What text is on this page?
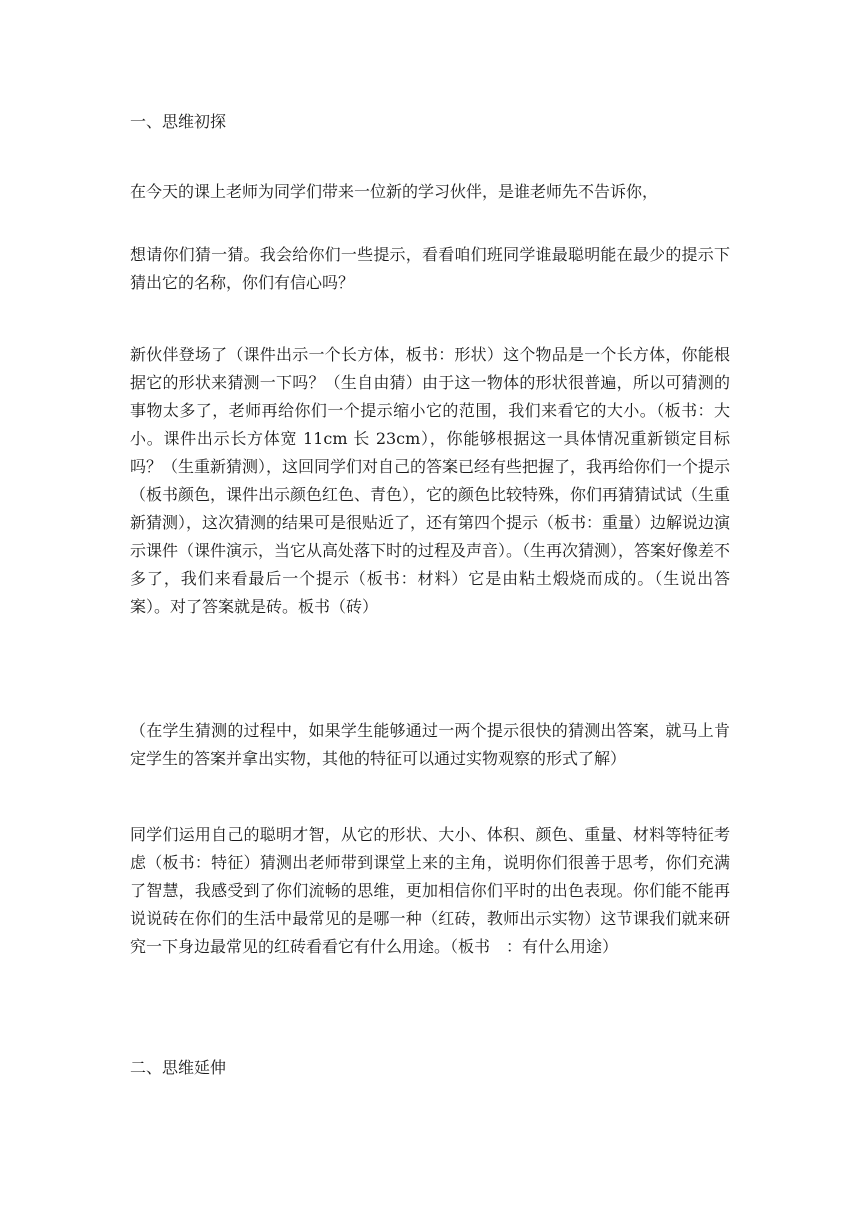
一、思维初探

在今天的课上老师为同学们带来一位新的学习伙伴，是谁老师先不告诉你，

想请你们猜一猜。我会给你们一些提示，看看咱们班同学谁最聪明能在最少的提示下猜出它的名称，你们有信心吗？

新伙伴登场了（课件出示一个长方体，板书：形状）这个物品是一个长方体，你能根据它的形状来猜测一下吗？（生自由猜）由于这一物体的形状很普遍，所以可猜测的事物太多了，老师再给你们一个提示缩小它的范围，我们来看它的大小。（板书：大小。课件出示长方体宽 11cm 长 23cm），你能够根据这一具体情况重新锁定目标吗？（生重新猜测），这回同学们对自己的答案已经有些把握了，我再给你们一个提示（板书颜色，课件出示颜色红色、青色），它的颜色比较特殊，你们再猜猜试试（生重新猜测），这次猜测的结果可是很贴近了，还有第四个提示（板书：重量）边解说边演示课件（课件演示，当它从高处落下时的过程及声音）。（生再次猜测），答案好像差不多了，我们来看最后一个提示（板书：材料）它是由粘土煅烧而成的。（生说出答案）。对了答案就是砖。板书（砖）

（在学生猜测的过程中，如果学生能够通过一两个提示很快的猜测出答案，就马上肯定学生的答案并拿出实物，其他的特征可以通过实物观察的形式了解）

同学们运用自己的聪明才智，从它的形状、大小、体积、颜色、重量、材料等特征考虑（板书：特征）猜测出老师带到课堂上来的主角，说明你们很善于思考，你们充满了智慧，我感受到了你们流畅的思维，更加相信你们平时的出色表现。你们能不能再说说砖在你们的生活中最常见的是哪一种（红砖，教师出示实物）这节课我们就来研究一下身边最常见的红砖看看它有什么用途。（板书　：有什么用途）

二、思维延伸
